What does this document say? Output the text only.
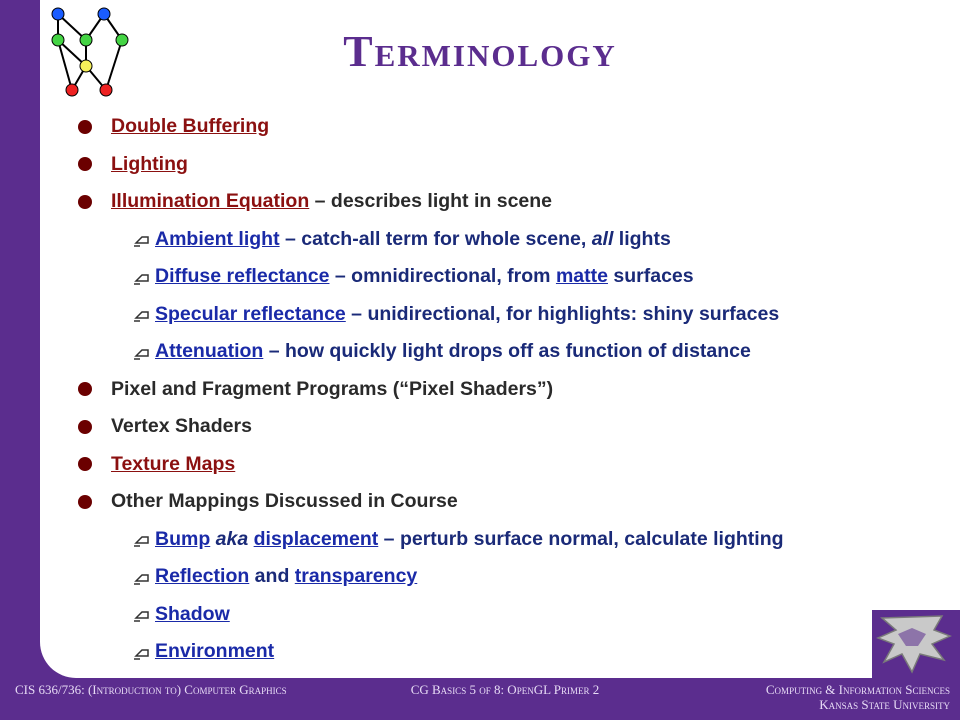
Terminology
Double Buffering
Lighting
Illumination Equation – describes light in scene
Ambient light – catch-all term for whole scene, all lights
Diffuse reflectance – omnidirectional, from matte surfaces
Specular reflectance – unidirectional, for highlights: shiny surfaces
Attenuation – how quickly light drops off as function of distance
Pixel and Fragment Programs (“Pixel Shaders”)
Vertex Shaders
Texture Maps
Other Mappings Discussed in Course
Bump aka displacement – perturb surface normal, calculate lighting
Reflection and transparency
Shadow
Environment
CIS 636/736: (Introduction to) Computer Graphics	CG Basics 5 of 8: OpenGL Primer 2	Computing & Information Sciences
Kansas State University
